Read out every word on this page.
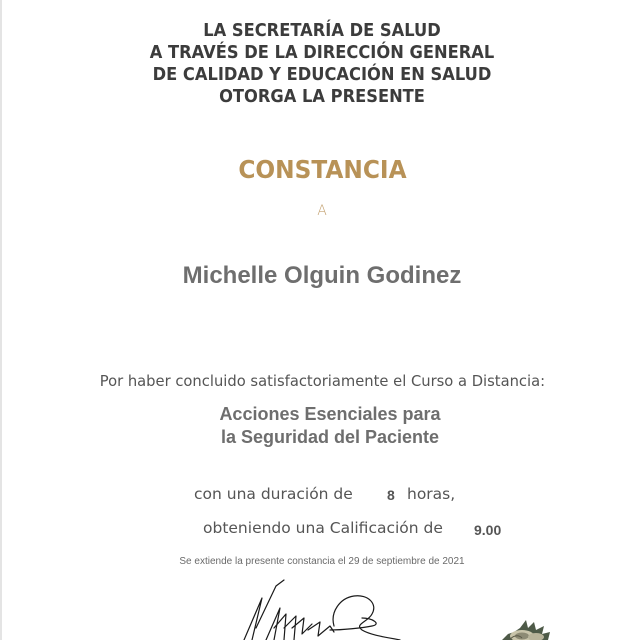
LA SECRETARÍA DE SALUD
A TRAVÉS DE LA DIRECCIÓN GENERAL
DE CALIDAD Y EDUCACIÓN EN SALUD
OTORGA LA PRESENTE
CONSTANCIA
A
Michelle Olguin Godinez
Por haber concluido satisfactoriamente el Curso a Distancia:
Acciones Esenciales para
la Seguridad del Paciente
con una duración de 8 horas,
obteniendo una Calificación de 9.00
Se extiende la presente constancia el 29 de septiembre de 2021
